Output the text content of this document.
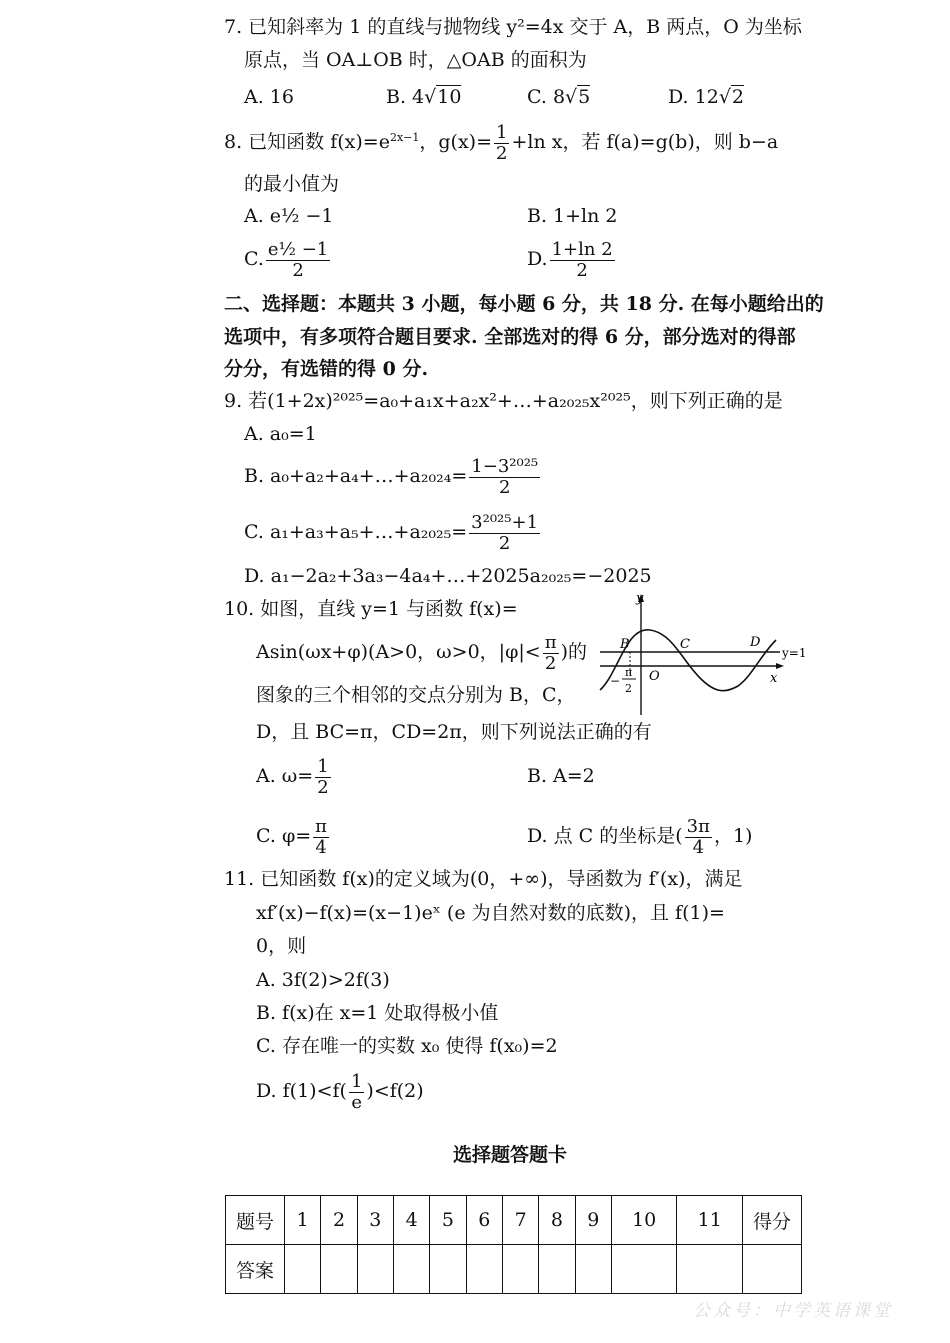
7. 已知斜率为 1 的直线与抛物线 y²=4x 交于 A，B 两点，O 为坐标
原点，当 OA⊥OB 时，△OAB 的面积为
A. 16	B. 4√10	C. 8√5	D. 12√2
8. 已知函数 $f(x)=e^{2x-1}$，$g(x)= \frac{1}{2} +\ln$ x，若 f(a)=g(b)，则 b−a
的最小值为
A. e½ −1	B. 1+ln 2
C. $\frac{\text{e½ −1}}{2}$	D. $\frac{1+\ln 2}{2}$
二、选择题：本题共 3 小题，每小题 6 分，共 18 分. 在每小题给出的
选项中，有多项符合题目要求. 全部选对的得 6 分，部分选对的得部
分分，有选错的得 0 分.
9. 若(1+2x)²⁰²⁵=a₀+a₁x+a₂x²+…+a₂₀₂₅x²⁰²⁵，则下列正确的是
A. a₀=1
B. a₀+a₂+a₄+…+a₂₀₂₄= $\frac{\text{1−3²⁰²⁵}}{2}$
C. a₁+a₃+a₅+…+a₂₀₂₅= $\frac{\text{3²⁰²⁵+1}}{2}$
D. a₁−2a₂+3a₃−4a₄+…+2025a₂₀₂₅=−2025
10. 如图，直线 y=1 与函数 f(x)=
Asin(ωx+φ)(A>0，ω>0，$|\varphi|< \frac{\pi}{2}$ )的
图象的三个相邻的交点分别为 B，C，
D，且 BC=π，CD=2π，则下列说法正确的有
y
x
y=1
B	C	D
O
−
π
2
A. $\omega= \frac{1}{2}$	B. A=2
C. $\varphi= \frac{\pi}{4}$	D. 点 C 的坐标是( $\frac{3\pi}{4}$ ，1)
11. 已知函数 f(x)的定义域为(0，+∞)，导函数为 f′(x)，满足
xf′(x)−f(x)=(x−1)eˣ (e 为自然对数的底数)，且 f(1)=
0，则
A. 3f(2)>2f(3)
B. f(x)在 x=1 处取得极小值
C. 存在唯一的实数 x₀ 使得 f(x₀)=2
D. $f(1)<f( \frac{1}{e} )<f(2)$
选择题答题卡
题号	1	2	3	4	5	6	7	8	9	10	11	得分
答案												
公众号：中学英语课堂
